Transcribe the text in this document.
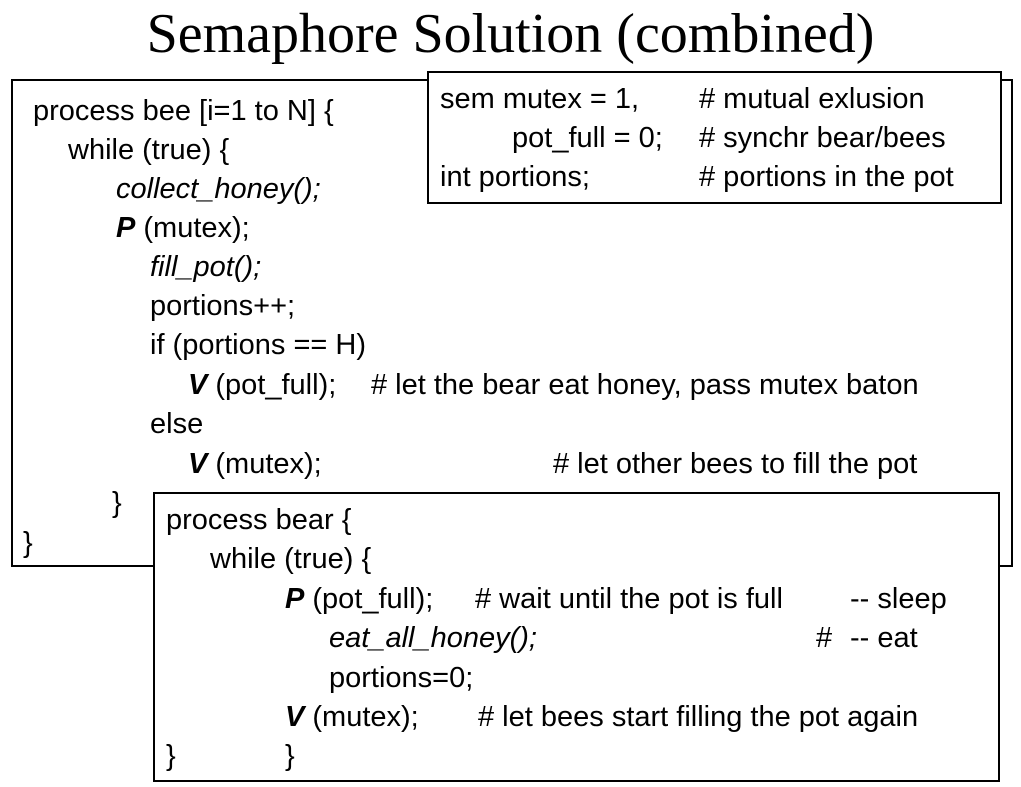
Semaphore Solution (combined)
process bee [i=1 to N] {
while (true) {
collect_honey();
P (mutex);
fill_pot();
portions++;
if (portions == H)
V (pot_full); # let the bear eat honey, pass mutex baton
else
V (mutex);	# let other bees to fill the pot
}
}
sem mutex = 1, # mutual exlusion
pot_full = 0; # synchr bear/bees
int portions;	# portions in the pot
process bear {
while (true) {
P (pot_full); # wait until the pot is full -- sleep
eat_all_honey();	# -- eat
portions=0;
V (mutex); # let bees start filling the pot again
}	}
